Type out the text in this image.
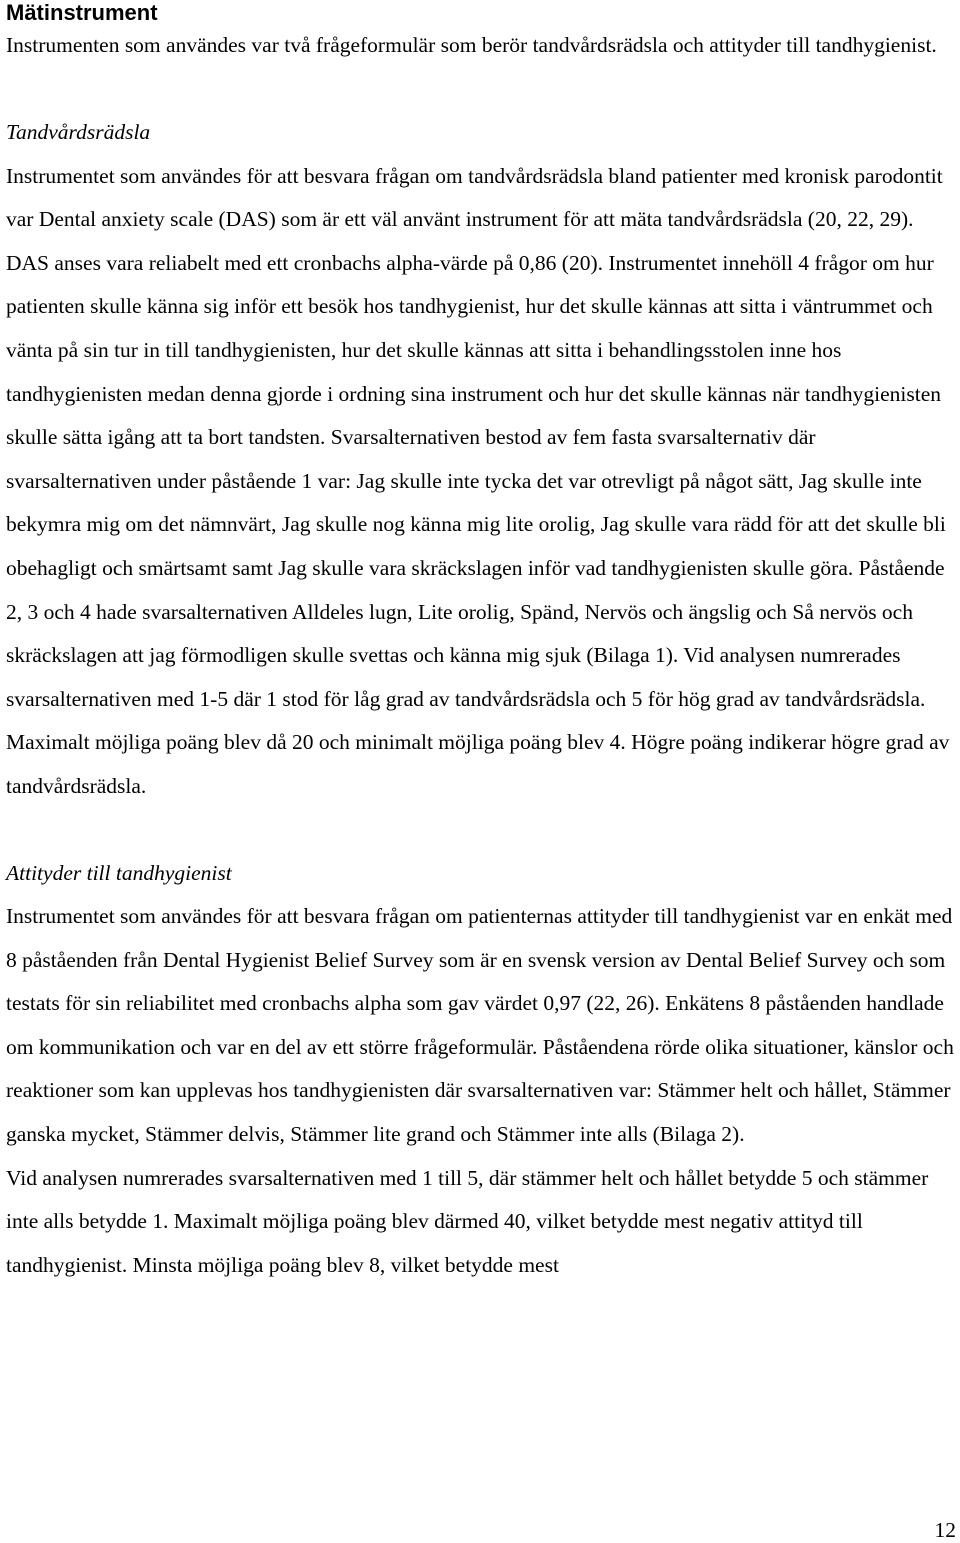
Mätinstrument

Instrumenten som användes var två frågeformulär som berör tandvårdsrädsla och attityder till tandhygienist.

Tandvårdsrädsla

Instrumentet som användes för att besvara frågan om tandvårdsrädsla bland patienter med kronisk parodontit var Dental anxiety scale (DAS) som är ett väl använt instrument för att mäta tandvårdsrädsla (20, 22, 29). DAS anses vara reliabelt med ett cronbachs alpha-värde på 0,86 (20). Instrumentet innehöll 4 frågor om hur patienten skulle känna sig inför ett besök hos tandhygienist, hur det skulle kännas att sitta i väntrummet och vänta på sin tur in till tandhygienisten, hur det skulle kännas att sitta i behandlingsstolen inne hos tandhygienisten medan denna gjorde i ordning sina instrument och hur det skulle kännas när tandhygienisten skulle sätta igång att ta bort tandsten. Svarsalternativen bestod av fem fasta svarsalternativ där svarsalternativen under påstående 1 var: Jag skulle inte tycka det var otrevligt på något sätt, Jag skulle inte bekymra mig om det nämnvärt, Jag skulle nog känna mig lite orolig, Jag skulle vara rädd för att det skulle bli obehagligt och smärtsamt samt Jag skulle vara skräckslagen inför vad tandhygienisten skulle göra. Påstående 2, 3 och 4 hade svarsalternativen Alldeles lugn, Lite orolig, Spänd, Nervös och ängslig och Så nervös och skräckslagen att jag förmodligen skulle svettas och känna mig sjuk (Bilaga 1). Vid analysen numrerades svarsalternativen med 1-5 där 1 stod för låg grad av tandvårdsrädsla och 5 för hög grad av tandvårdsrädsla. Maximalt möjliga poäng blev då 20 och minimalt möjliga poäng blev 4. Högre poäng indikerar högre grad av tandvårdsrädsla.

Attityder till tandhygienist

Instrumentet som användes för att besvara frågan om patienternas attityder till tandhygienist var en enkät med 8 påståenden från Dental Hygienist Belief Survey som är en svensk version av Dental Belief Survey och som testats för sin reliabilitet med cronbachs alpha som gav värdet 0,97 (22, 26). Enkätens 8 påståenden handlade om kommunikation och var en del av ett större frågeformulär. Påståendena rörde olika situationer, känslor och reaktioner som kan upplevas hos tandhygienisten där svarsalternativen var: Stämmer helt och hållet, Stämmer ganska mycket, Stämmer delvis, Stämmer lite grand och Stämmer inte alls (Bilaga 2).

Vid analysen numrerades svarsalternativen med 1 till 5, där stämmer helt och hållet betydde 5 och stämmer inte alls betydde 1. Maximalt möjliga poäng blev därmed 40, vilket betydde mest negativ attityd till tandhygienist. Minsta möjliga poäng blev 8, vilket betydde mest

12
